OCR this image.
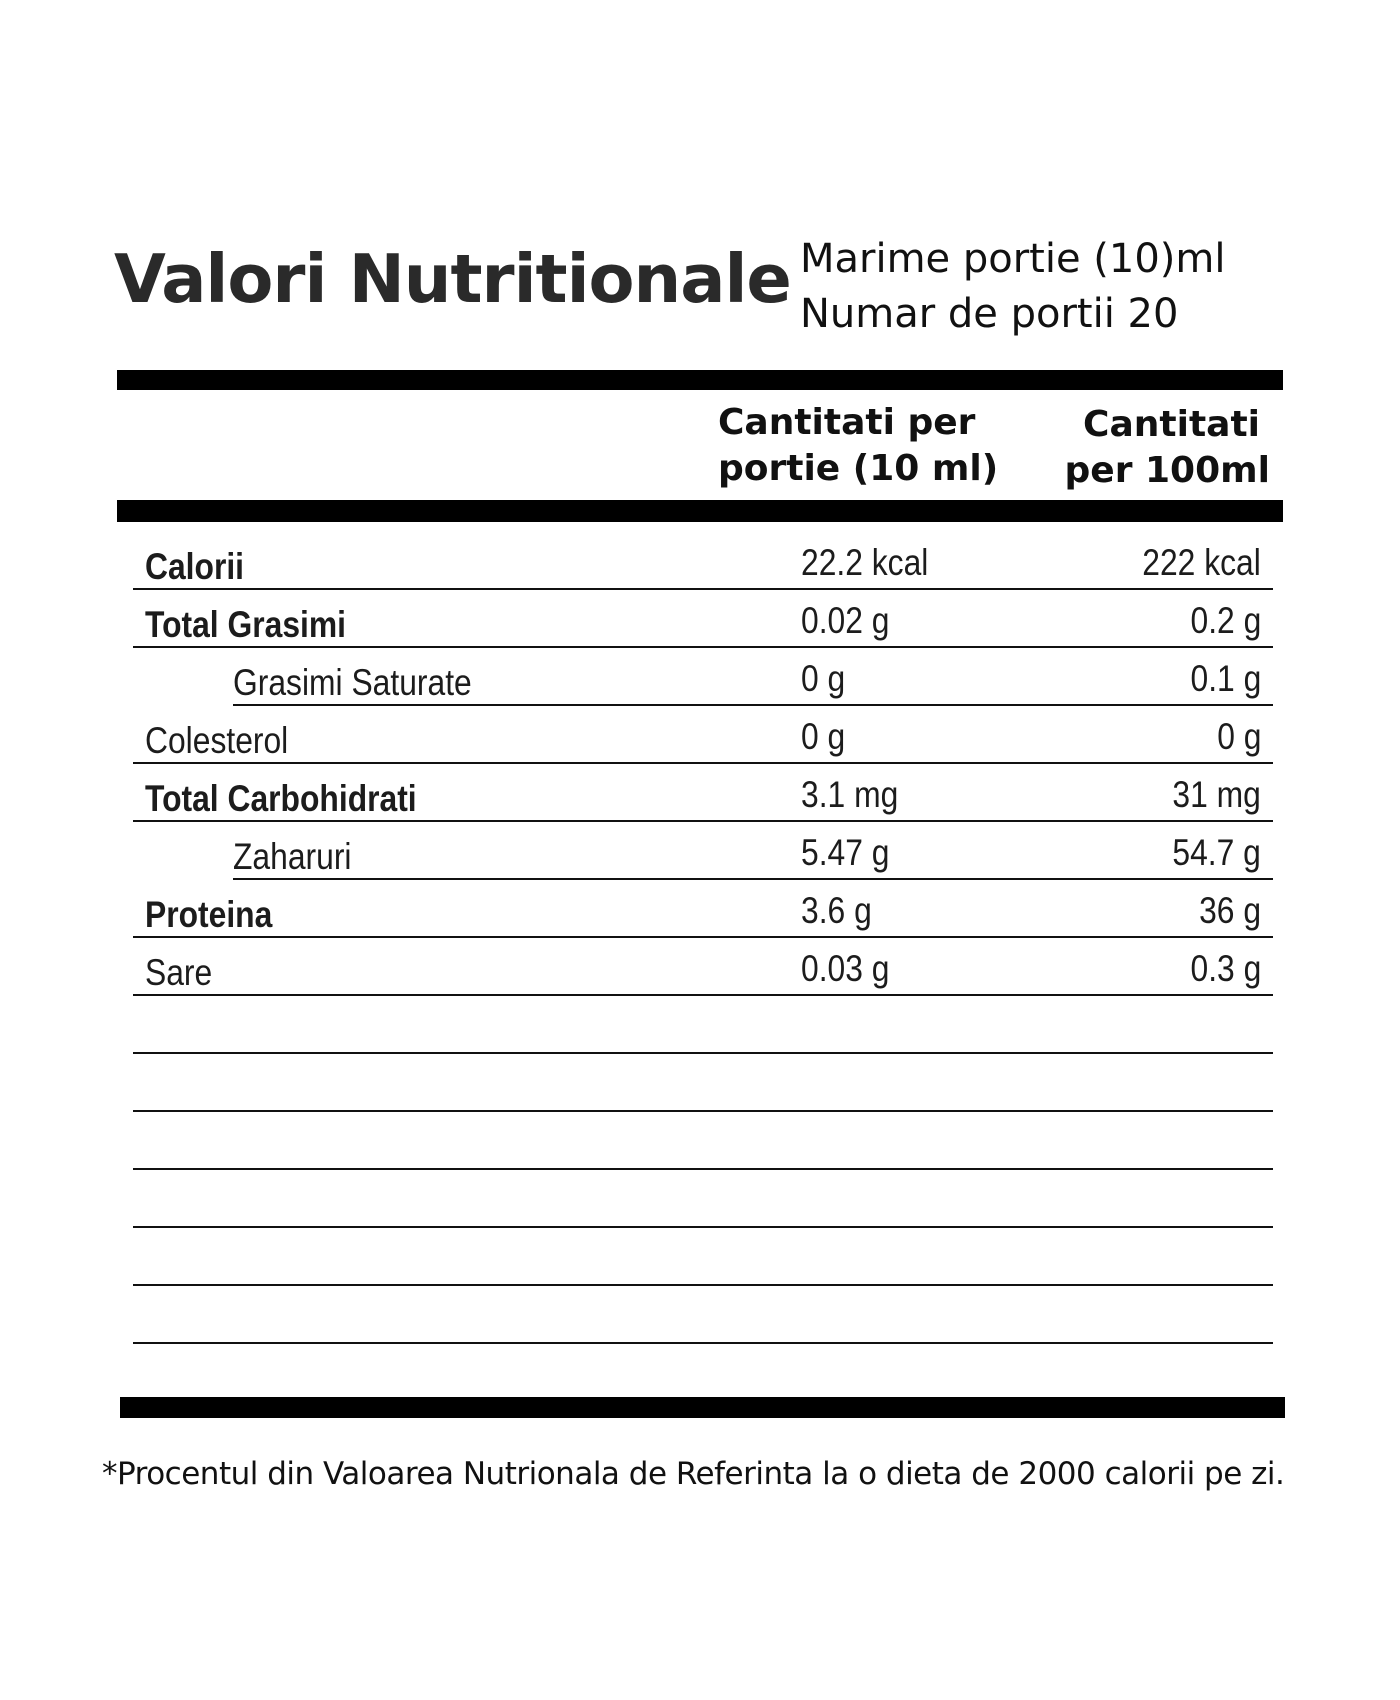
Valori Nutritionale Marime portie (10)ml
Numar de portii 20
Cantitati per
portie (10 ml)
Cantitati
per 100ml
Calorii	22.2 kcal	222 kcal
Total Grasimi	0.02 g	0.2 g
Grasimi Saturate	0 g	0.1 g
Colesterol	0 g	0 g
Total Carbohidrati	3.1 mg	31 mg
Zaharuri	5.47 g	54.7 g
Proteina	3.6 g	36 g
Sare	0.03 g	0.3 g
*Procentul din Valoarea Nutrionala de Referinta la o dieta de 2000 calorii pe zi.
